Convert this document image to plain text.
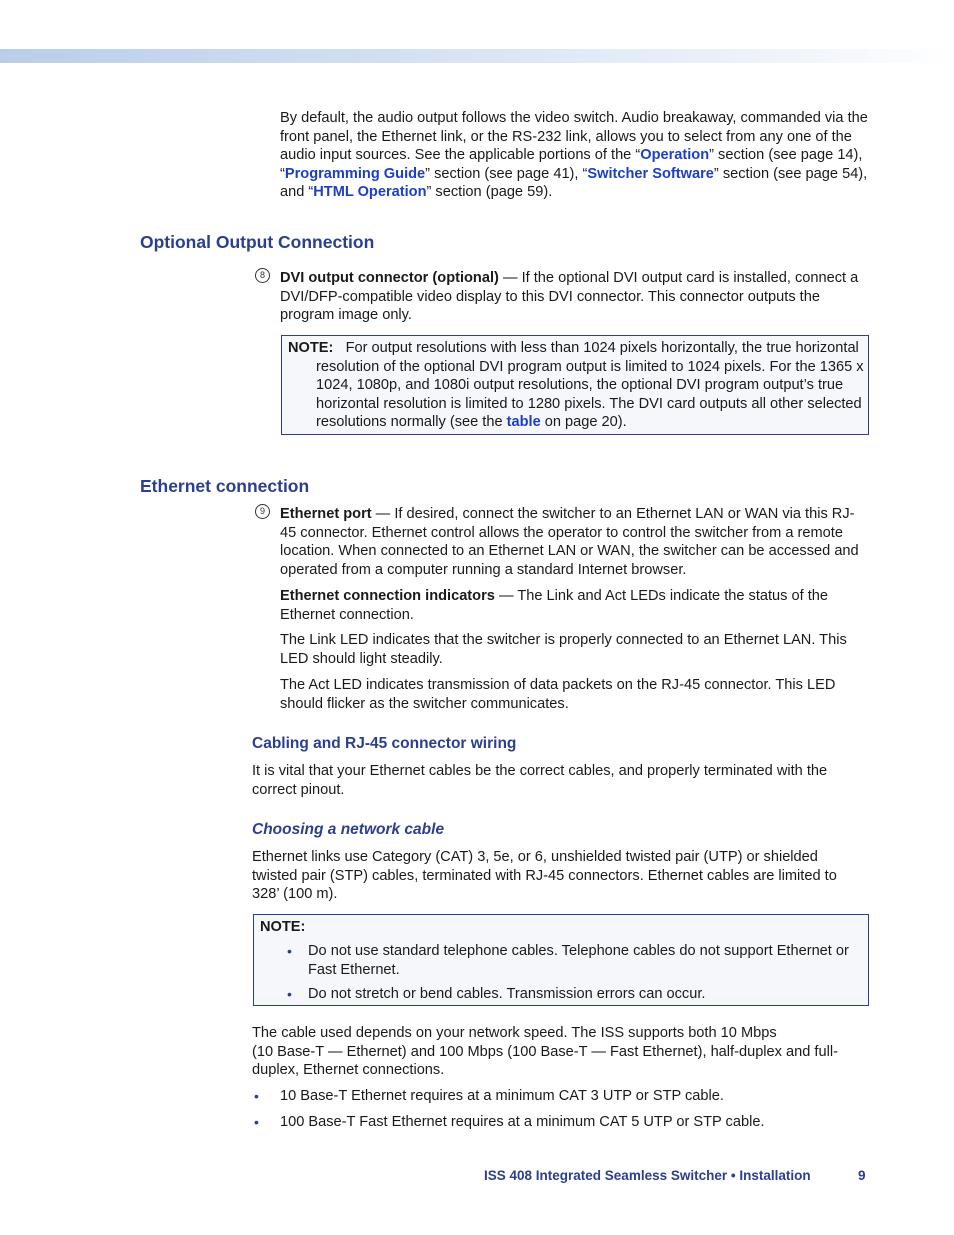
By default, the audio output follows the video switch. Audio breakaway, commanded via the front panel, the Ethernet link, or the RS-232 link, allows you to select from any one of the audio input sources. See the applicable portions of the “Operation” section (see page 14), “Programming Guide” section (see page 41), “Switcher Software” section (see page 54), and “HTML Operation” section (page 59).

Optional Output Connection
8	DVI output connector (optional) — If the optional DVI output card is installed, connect a DVI/DFP-compatible video display to this DVI connector. This connector outputs the program image only.

NOTE: For output resolutions with less than 1024 pixels horizontally, the true horizontal resolution of the optional DVI program output is limited to 1024 pixels. For the 1365 x 1024, 1080p, and 1080i output resolutions, the optional DVI program output’s true horizontal resolution is limited to 1280 pixels. The DVI card outputs all other selected resolutions normally (see the table on page 20).

Ethernet connection
9	Ethernet port — If desired, connect the switcher to an Ethernet LAN or WAN via this RJ-45 connector. Ethernet control allows the operator to control the switcher from a remote location. When connected to an Ethernet LAN or WAN, the switcher can be accessed and operated from a computer running a standard Internet browser.

Ethernet connection indicators — The Link and Act LEDs indicate the status of the Ethernet connection.

The Link LED indicates that the switcher is properly connected to an Ethernet LAN. This LED should light steadily.

The Act LED indicates transmission of data packets on the RJ-45 connector. This LED should flicker as the switcher communicates.

Cabling and RJ-45 connector wiring

It is vital that your Ethernet cables be the correct cables, and properly terminated with the correct pinout.

Choosing a network cable

Ethernet links use Category (CAT) 3, 5e, or 6, unshielded twisted pair (UTP) or shielded twisted pair (STP) cables, terminated with RJ-45 connectors. Ethernet cables are limited to 328’ (100 m).

NOTE:
• Do not use standard telephone cables. Telephone cables do not support Ethernet or Fast Ethernet.

• Do not stretch or bend cables. Transmission errors can occur.

The cable used depends on your network speed. The ISS supports both 10 Mbps
(10 Base-T — Ethernet) and 100 Mbps (100 Base-T — Fast Ethernet), half-duplex and full-duplex, Ethernet connections.

• 10 Base-T Ethernet requires at a minimum CAT 3 UTP or STP cable.

• 100 Base-T Fast Ethernet requires at a minimum CAT 5 UTP or STP cable.

ISS 408 Integrated Seamless Switcher • Installation	9
